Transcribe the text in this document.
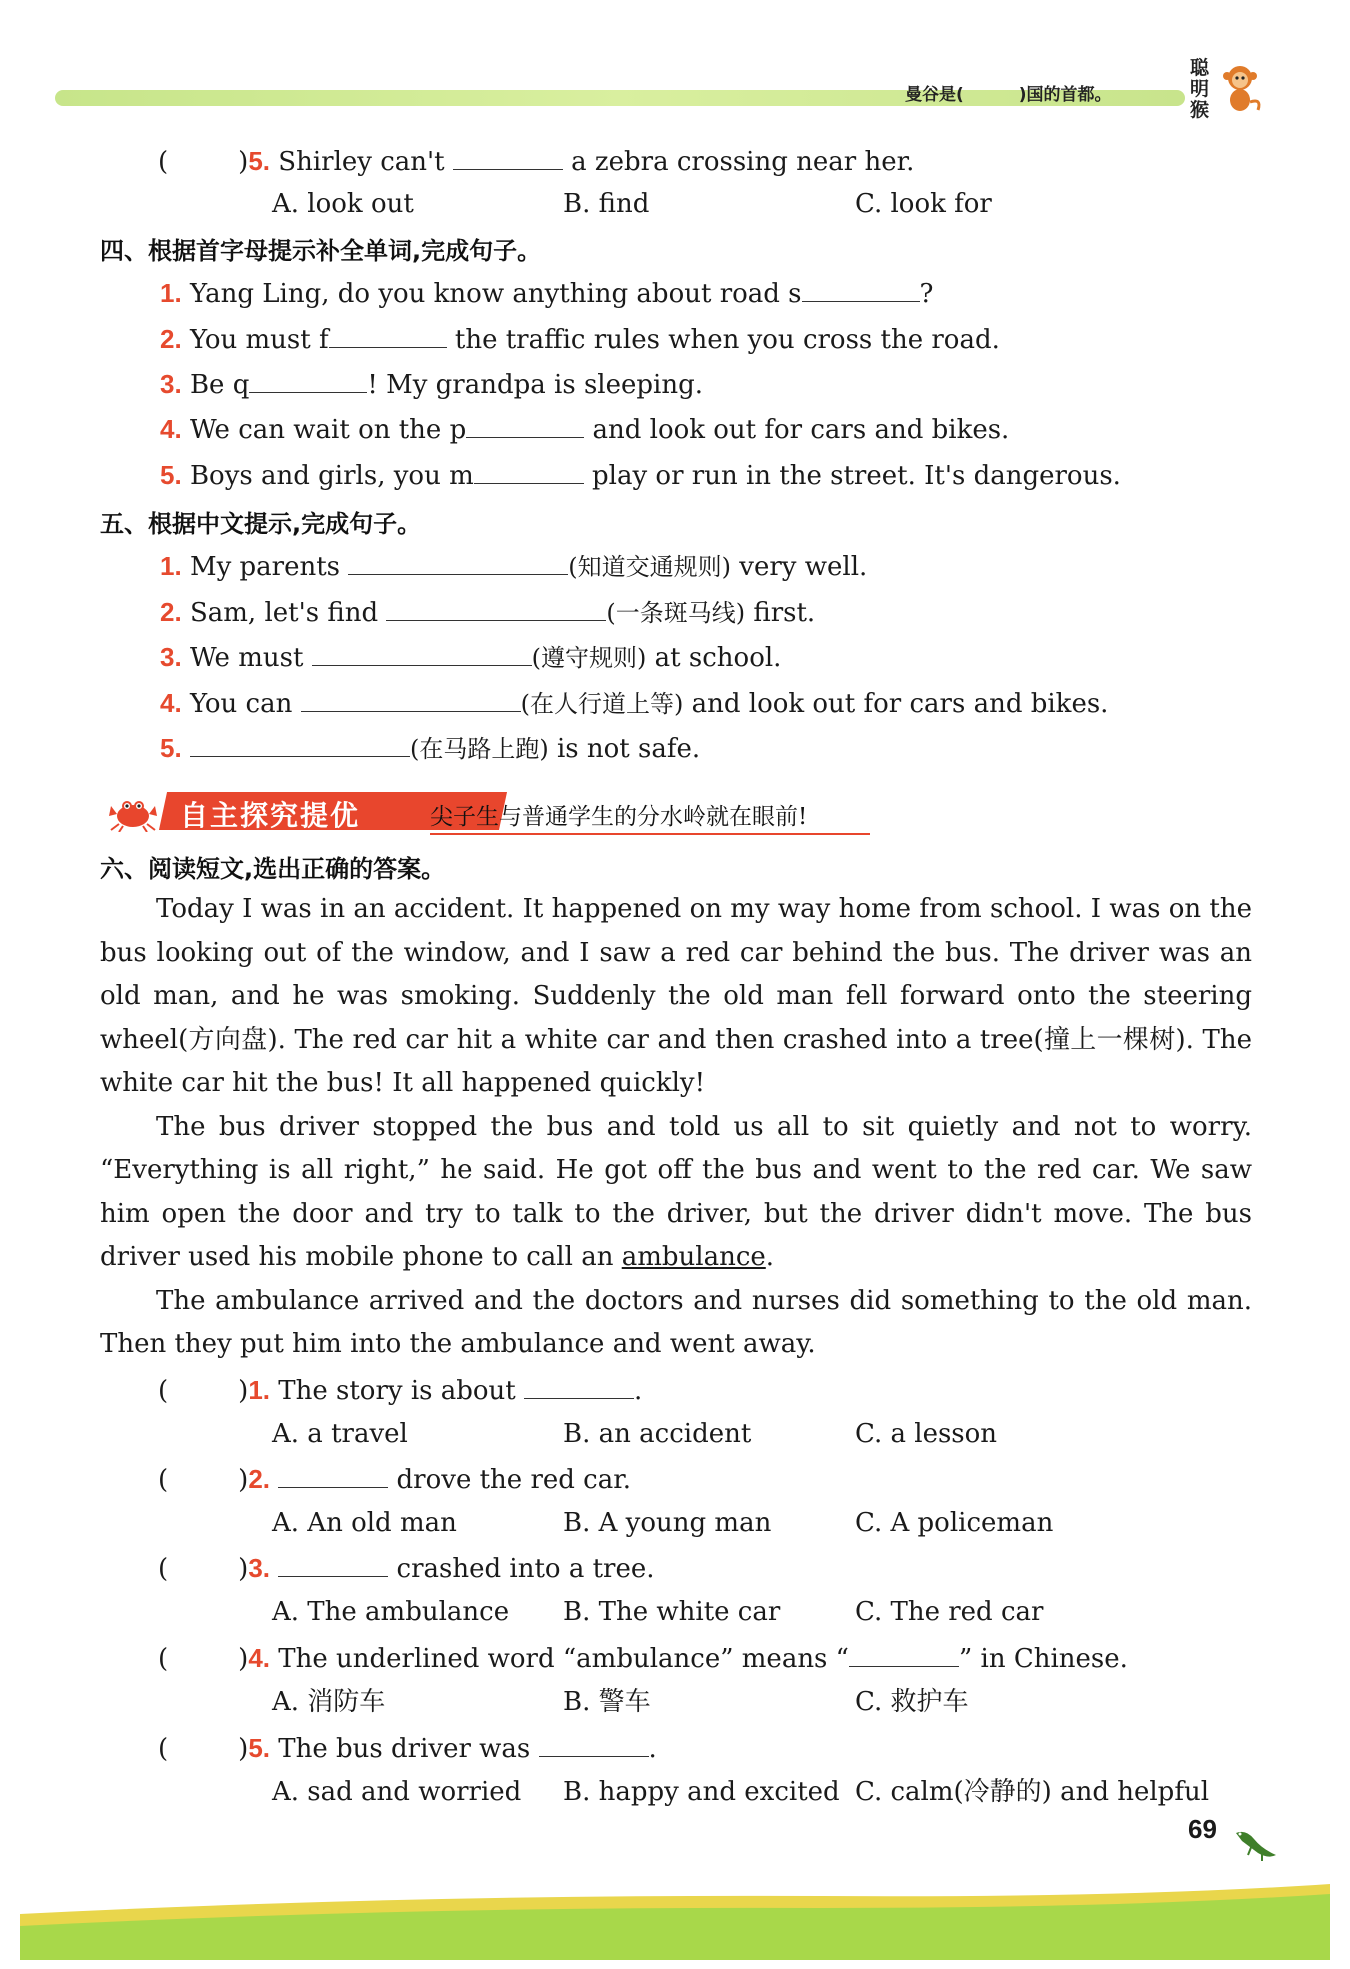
曼谷是(	)国的首都。
聪明猴
(	)5. Shirley can't	a zebra crossing near her.
A. look out	B. find	C. look for
四、根据首字母提示补全单词,完成句子。
1. Yang Ling, do you know anything about road s	?
2. You must f	the traffic rules when you cross the road.
3. Be q	! My grandpa is sleeping.
4. We can wait on the p	and look out for cars and bikes.
5. Boys and girls, you m	play or run in the street. It's dangerous.
五、根据中文提示,完成句子。
1. My parents	(知道交通规则) very well.
2. Sam, let's find	(一条斑马线) first.
3. We must	(遵守规则) at school.
4. You can	(在人行道上等) and look out for cars and bikes.
5.	(在马路上跑) is not safe.
自主探究提优	尖子生与普通学生的分水岭就在眼前!
六、阅读短文,选出正确的答案。

Today I was in an accident. It happened on my way home from school. I was on the bus looking out of the window, and I saw a red car behind the bus. The driver was an old man, and he was smoking. Suddenly the old man fell forward onto the steering wheel(方向盘). The red car hit a white car and then crashed into a tree(撞上一棵树). The white car hit the bus! It all happened quickly!

The bus driver stopped the bus and told us all to sit quietly and not to worry. “Everything is all right,” he said. He got off the bus and went to the red car. We saw him open the door and try to talk to the driver, but the driver didn't move. The bus driver used his mobile phone to call an ambulance.

The ambulance arrived and the doctors and nurses did something to the old man. Then they put him into the ambulance and went away.

(	)1. The story is about	.
A. a travel	B. an accident	C. a lesson
(	)2.	drove the red car.
A. An old man	B. A young man	C. A policeman
(	)3.	crashed into a tree.
A. The ambulance B. The white car	C. The red car
(	)4. The underlined word “ambulance” means “	” in Chinese.
A. 消防车	B. 警车	C. 救护车
(	)5. The bus driver was	.
A. sad and worried B. happy and excited C. calm(冷静的) and helpful
69
